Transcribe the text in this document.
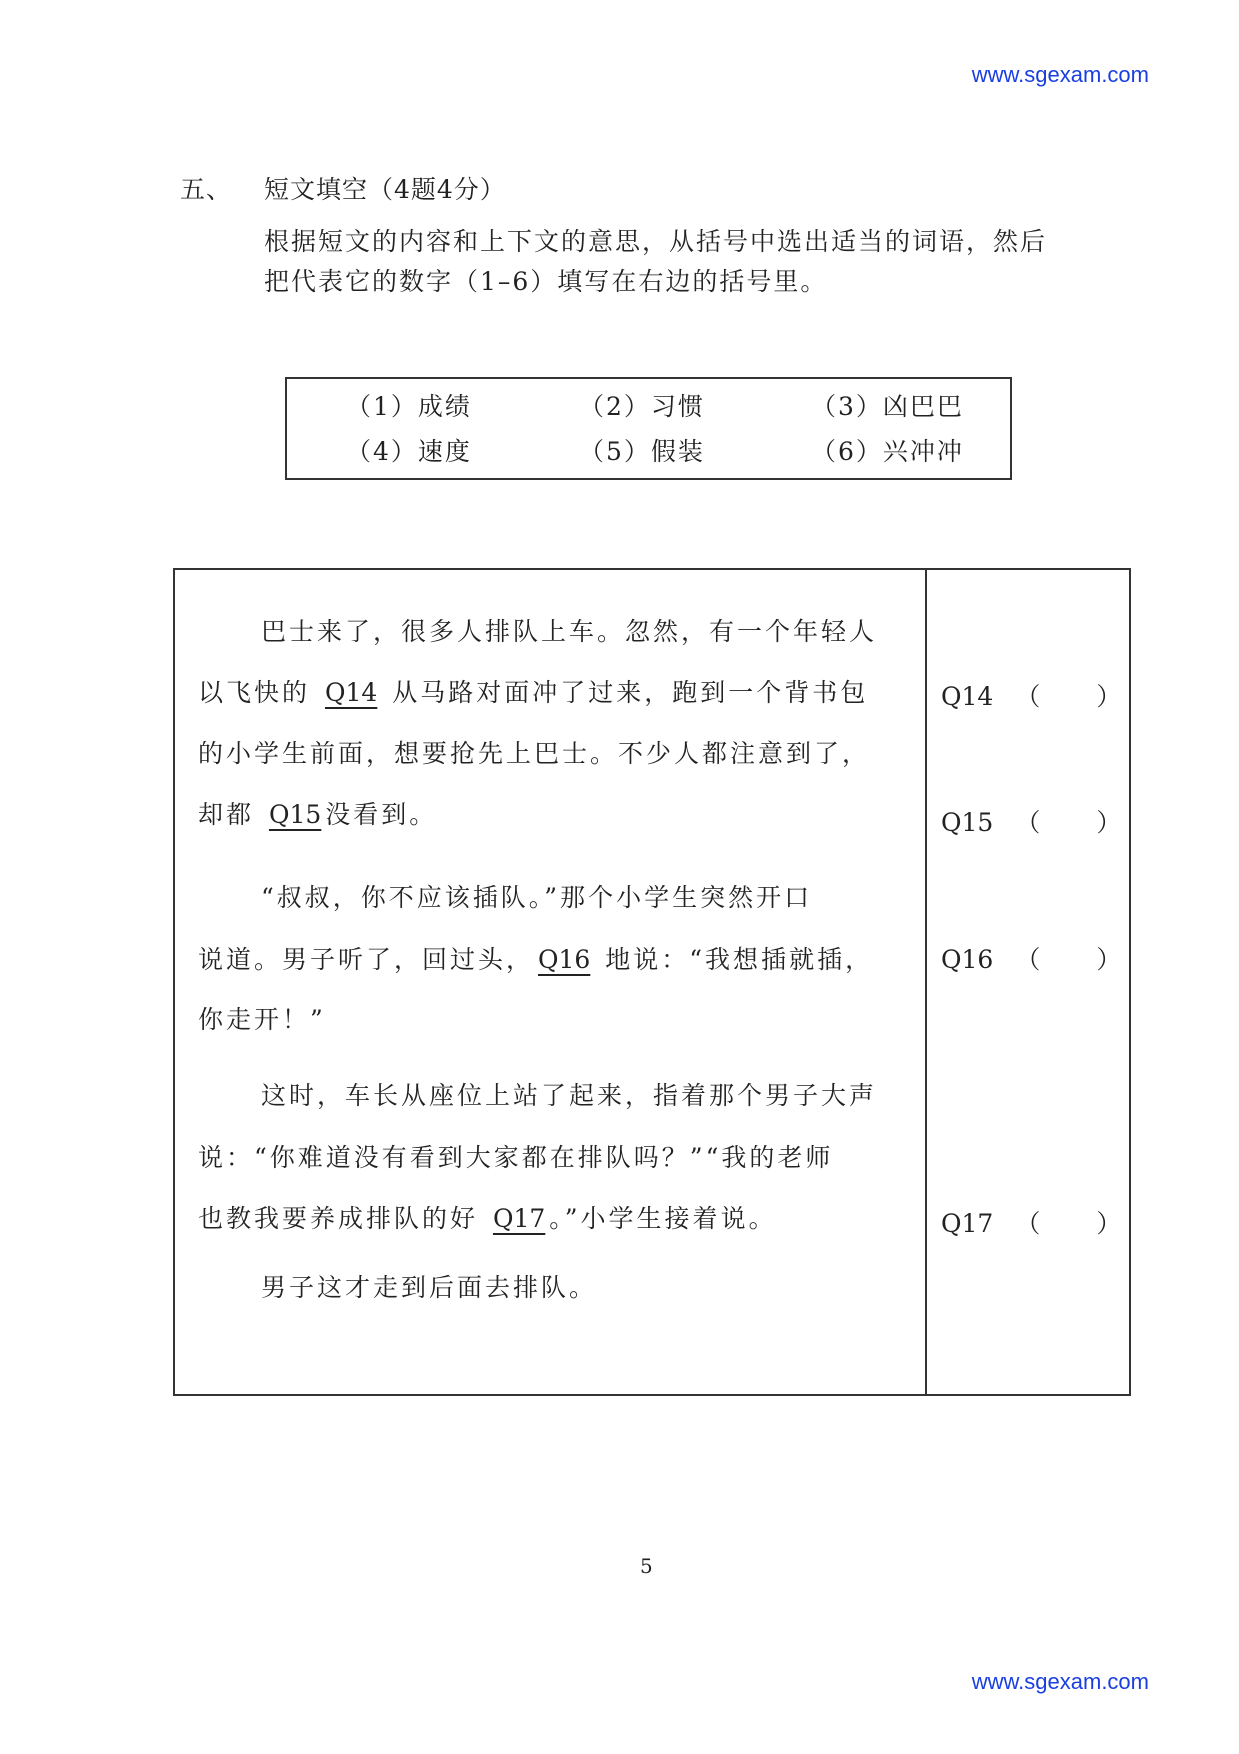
www.sgexam.com
五、 短文填空（4题4分）
根据短文的内容和上下文的意思，从括号中选出适当的词语，然后
把代表它的数字（1–6）填写在右边的括号里。
（1）成绩	（2）习惯	（3）凶巴巴
（4）速度	（5）假装	（6）兴冲冲
巴士来了，很多人排队上车。忽然，有一个年轻人
以飞快的 Q14 从马路对面冲了过来，跑到一个背书包
的小学生前面，想要抢先上巴士。不少人都注意到了，
却都 Q15 没看到。
“叔叔，你不应该插队。”那个小学生突然开口
说道。男子听了，回过头， Q16 地说：“我想插就插，
你走开！”
这时，车长从座位上站了起来，指着那个男子大声
说：“你难道没有看到大家都在排队吗？”“我的老师
也教我要养成排队的好 Q17 。”小学生接着说。
男子这才走到后面去排队。
Q14 （ ）
Q15 （ ）
Q16 （ ）
Q17 （ ）
5
www.sgexam.com
